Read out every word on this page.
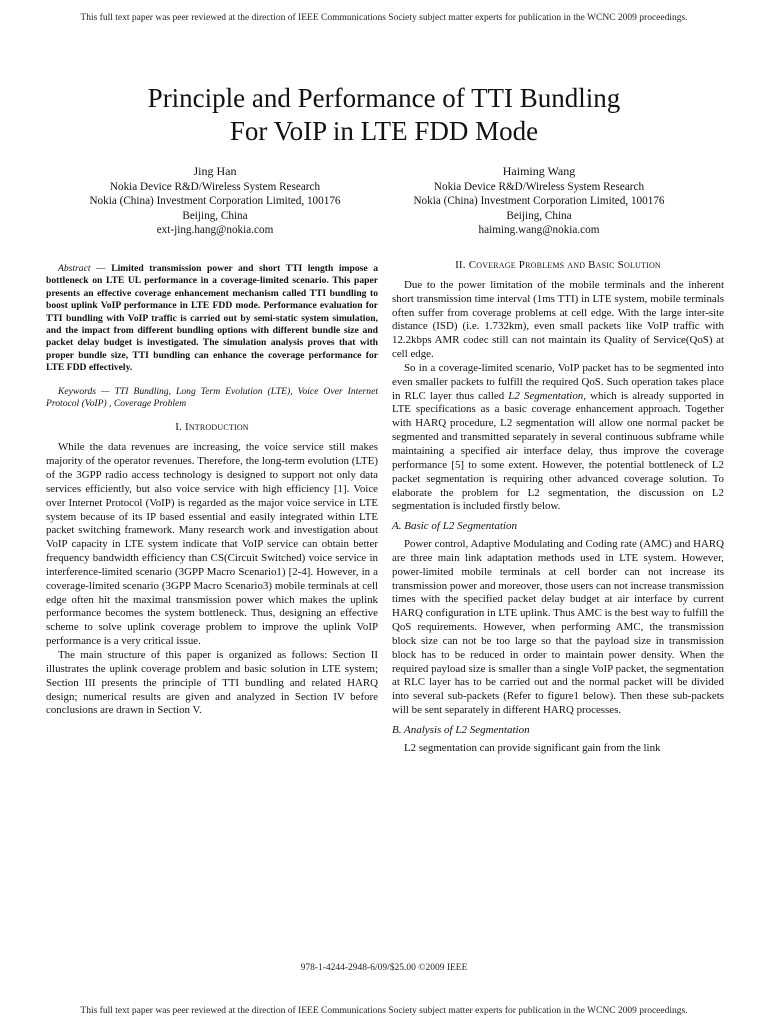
This full text paper was peer reviewed at the direction of IEEE Communications Society subject matter experts for publication in the WCNC 2009 proceedings.
Principle and Performance of TTI Bundling
For VoIP in LTE FDD Mode
Jing Han
Nokia Device R&D/Wireless System Research
Nokia (China) Investment Corporation Limited, 100176
Beijing, China
ext-jing.hang@nokia.com
Haiming Wang
Nokia Device R&D/Wireless System Research
Nokia (China) Investment Corporation Limited, 100176
Beijing, China
haiming.wang@nokia.com

Abstract — Limited transmission power and short TTI length impose a bottleneck on LTE UL performance in a coverage-limited scenario. This paper presents an effective coverage enhancement mechanism called TTI bundling to boost uplink VoIP performance in LTE FDD mode. Performance evaluation for TTI bundling with VoIP traffic is carried out by semi-static system simulation, and the impact from different bundling options with different bundle size and packet delay budget is investigated. The simulation analysis proves that with proper bundle size, TTI bundling can enhance the coverage performance for LTE FDD effectively.

Keywords — TTI Bundling, Long Term Evolution (LTE), Voice Over Internet Protocol (VoIP) , Coverage Problem

I. Introduction

While the data revenues are increasing, the voice service still makes majority of the operator revenues. Therefore, the long-term evolution (LTE) of the 3GPP radio access technology is designed to support not only data services efficiently, but also voice service with high efficiency [1]. Voice over Internet Protocol (VoIP) is regarded as the major voice service in LTE system because of its IP based essential and easily integrated within LTE packet switching framework. Many research work and investigation about VoIP capacity in LTE system indicate that VoIP service can obtain better frequency bandwidth efficiency than CS(Circuit Switched) voice service in interference-limited scenario (3GPP Macro Scenario1) [2-4]. However, in a coverage-limited scenario (3GPP Macro Scenario3) mobile terminals at cell edge often hit the maximal transmission power which makes the uplink performance becomes the system bottleneck. Thus, designing an effective scheme to solve uplink coverage problem to improve the uplink VoIP performance is a very critical issue.

The main structure of this paper is organized as follows: Section II illustrates the uplink coverage problem and basic solution in LTE system; Section III presents the principle of TTI bundling and related HARQ design; numerical results are given and analyzed in Section IV before conclusions are drawn in Section V.

II. Coverage Problems and Basic Solution

Due to the power limitation of the mobile terminals and the inherent short transmission time interval (1ms TTI) in LTE system, mobile terminals often suffer from coverage problems at cell edge. With the large inter-site distance (ISD) (i.e. 1.732km), even small packets like VoIP traffic with 12.2kbps AMR codec still can not maintain its Quality of Service(QoS) at cell edge.

So in a coverage-limited scenario, VoIP packet has to be segmented into even smaller packets to fulfill the required QoS. Such operation takes place in RLC layer thus called L2 Segmentation, which is already supported in LTE specifications as a basic coverage enhancement approach. Together with HARQ procedure, L2 segmentation will allow one normal packet be segmented and transmitted separately in several continuous subframe while maintaining a specified air interface delay, thus improve the coverage performance [5] to some extent. However, the potential bottleneck of L2 packet segmentation is requiring other advanced coverage solution. To elaborate the problem for L2 segmentation, the discussion on L2 segmentation is included firstly below.

A. Basic of L2 Segmentation

Power control, Adaptive Modulating and Coding rate (AMC) and HARQ are three main link adaptation methods used in LTE system. However, power-limited mobile terminals at cell border can not increase its transmission power and moreover, those users can not increase transmission times with the specified packet delay budget at air interface by current HARQ configuration in LTE uplink. Thus AMC is the best way to fulfill the QoS requirements. However, when performing AMC, the transmission block size can not be too large so that the payload size in transmission block has to be reduced in order to maintain power density. When the required payload size is smaller than a single VoIP packet, the segmentation at RLC layer has to be carried out and the normal packet will be divided into several sub-packets (Refer to figure1 below). Then these sub-packets will be sent separately in different HARQ processes.

B. Analysis of L2 Segmentation

L2 segmentation can provide significant gain from the link

978-1-4244-2948-6/09/$25.00 ©2009 IEEE
This full text paper was peer reviewed at the direction of IEEE Communications Society subject matter experts for publication in the WCNC 2009 proceedings.
